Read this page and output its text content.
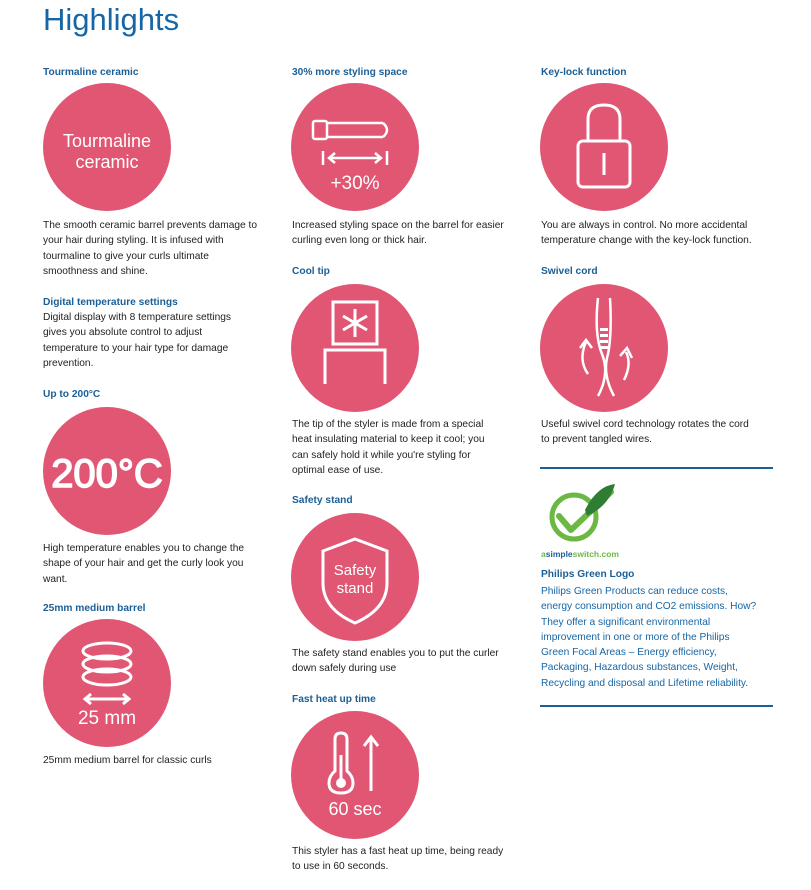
Highlights
Tourmaline ceramic
Tourmaline
ceramic
The smooth ceramic barrel prevents damage to
your hair during styling. It is infused with
tourmaline to give your curls ultimate
smoothness and shine.
Digital temperature settings
Digital display with 8 temperature settings
gives you absolute control to adjust
temperature to your hair type for damage
prevention.
Up to 200°C
200°C
High temperature enables you to change the
shape of your hair and get the curly look you
want.
25mm medium barrel
25 mm
25mm medium barrel for classic curls
30% more styling space
+30%
Increased styling space on the barrel for easier
curling even long or thick hair.
Cool tip
The tip of the styler is made from a special
heat insulating material to keep it cool; you
can safely hold it while you're styling for
optimal ease of use.
Safety stand
Safety
stand
The safety stand enables you to put the curler
down safely during use
Fast heat up time
60 sec
This styler has a fast heat up time, being ready
to use in 60 seconds.
Key-lock function
You are always in control. No more accidental
temperature change with the key-lock function.
Swivel cord
Useful swivel cord technology rotates the cord
to prevent tangled wires.
asimpleswitch.com
Philips Green Logo
Philips Green Products can reduce costs,
energy consumption and CO2 emissions. How?
They offer a significant environmental
improvement in one or more of the Philips
Green Focal Areas – Energy efficiency,
Packaging, Hazardous substances, Weight,
Recycling and disposal and Lifetime reliability.
